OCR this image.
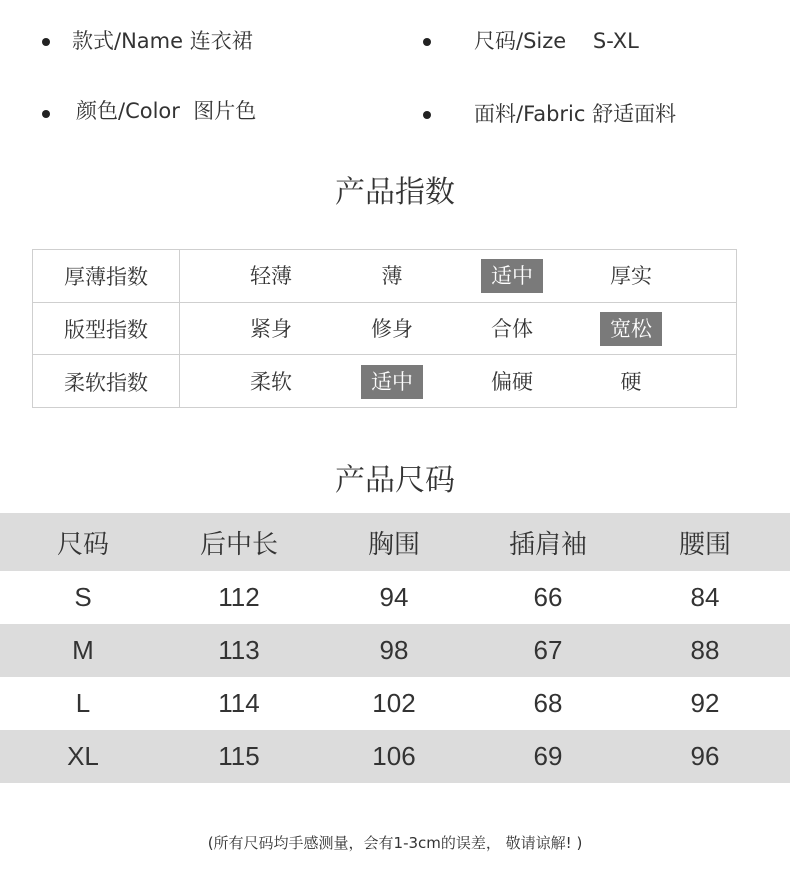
款式/Name 连衣裙	尺码/Size    S-XL
颜色/Color  图片色	面料/Fabric 舒适面料
产品指数
厚薄指数	轻薄	薄	适中	厚实
版型指数	紧身	修身	合体	宽松
柔软指数	柔软	适中	偏硬	硬
产品尺码
尺码	后中长	胸围	插肩袖	腰围
S	112	94	66	84
M	113	98	67	88
L	114	102	68	92
XL	115	106	69	96
(所有尺码均手感测量，会有1-3cm的误差， 敬请谅解! )
